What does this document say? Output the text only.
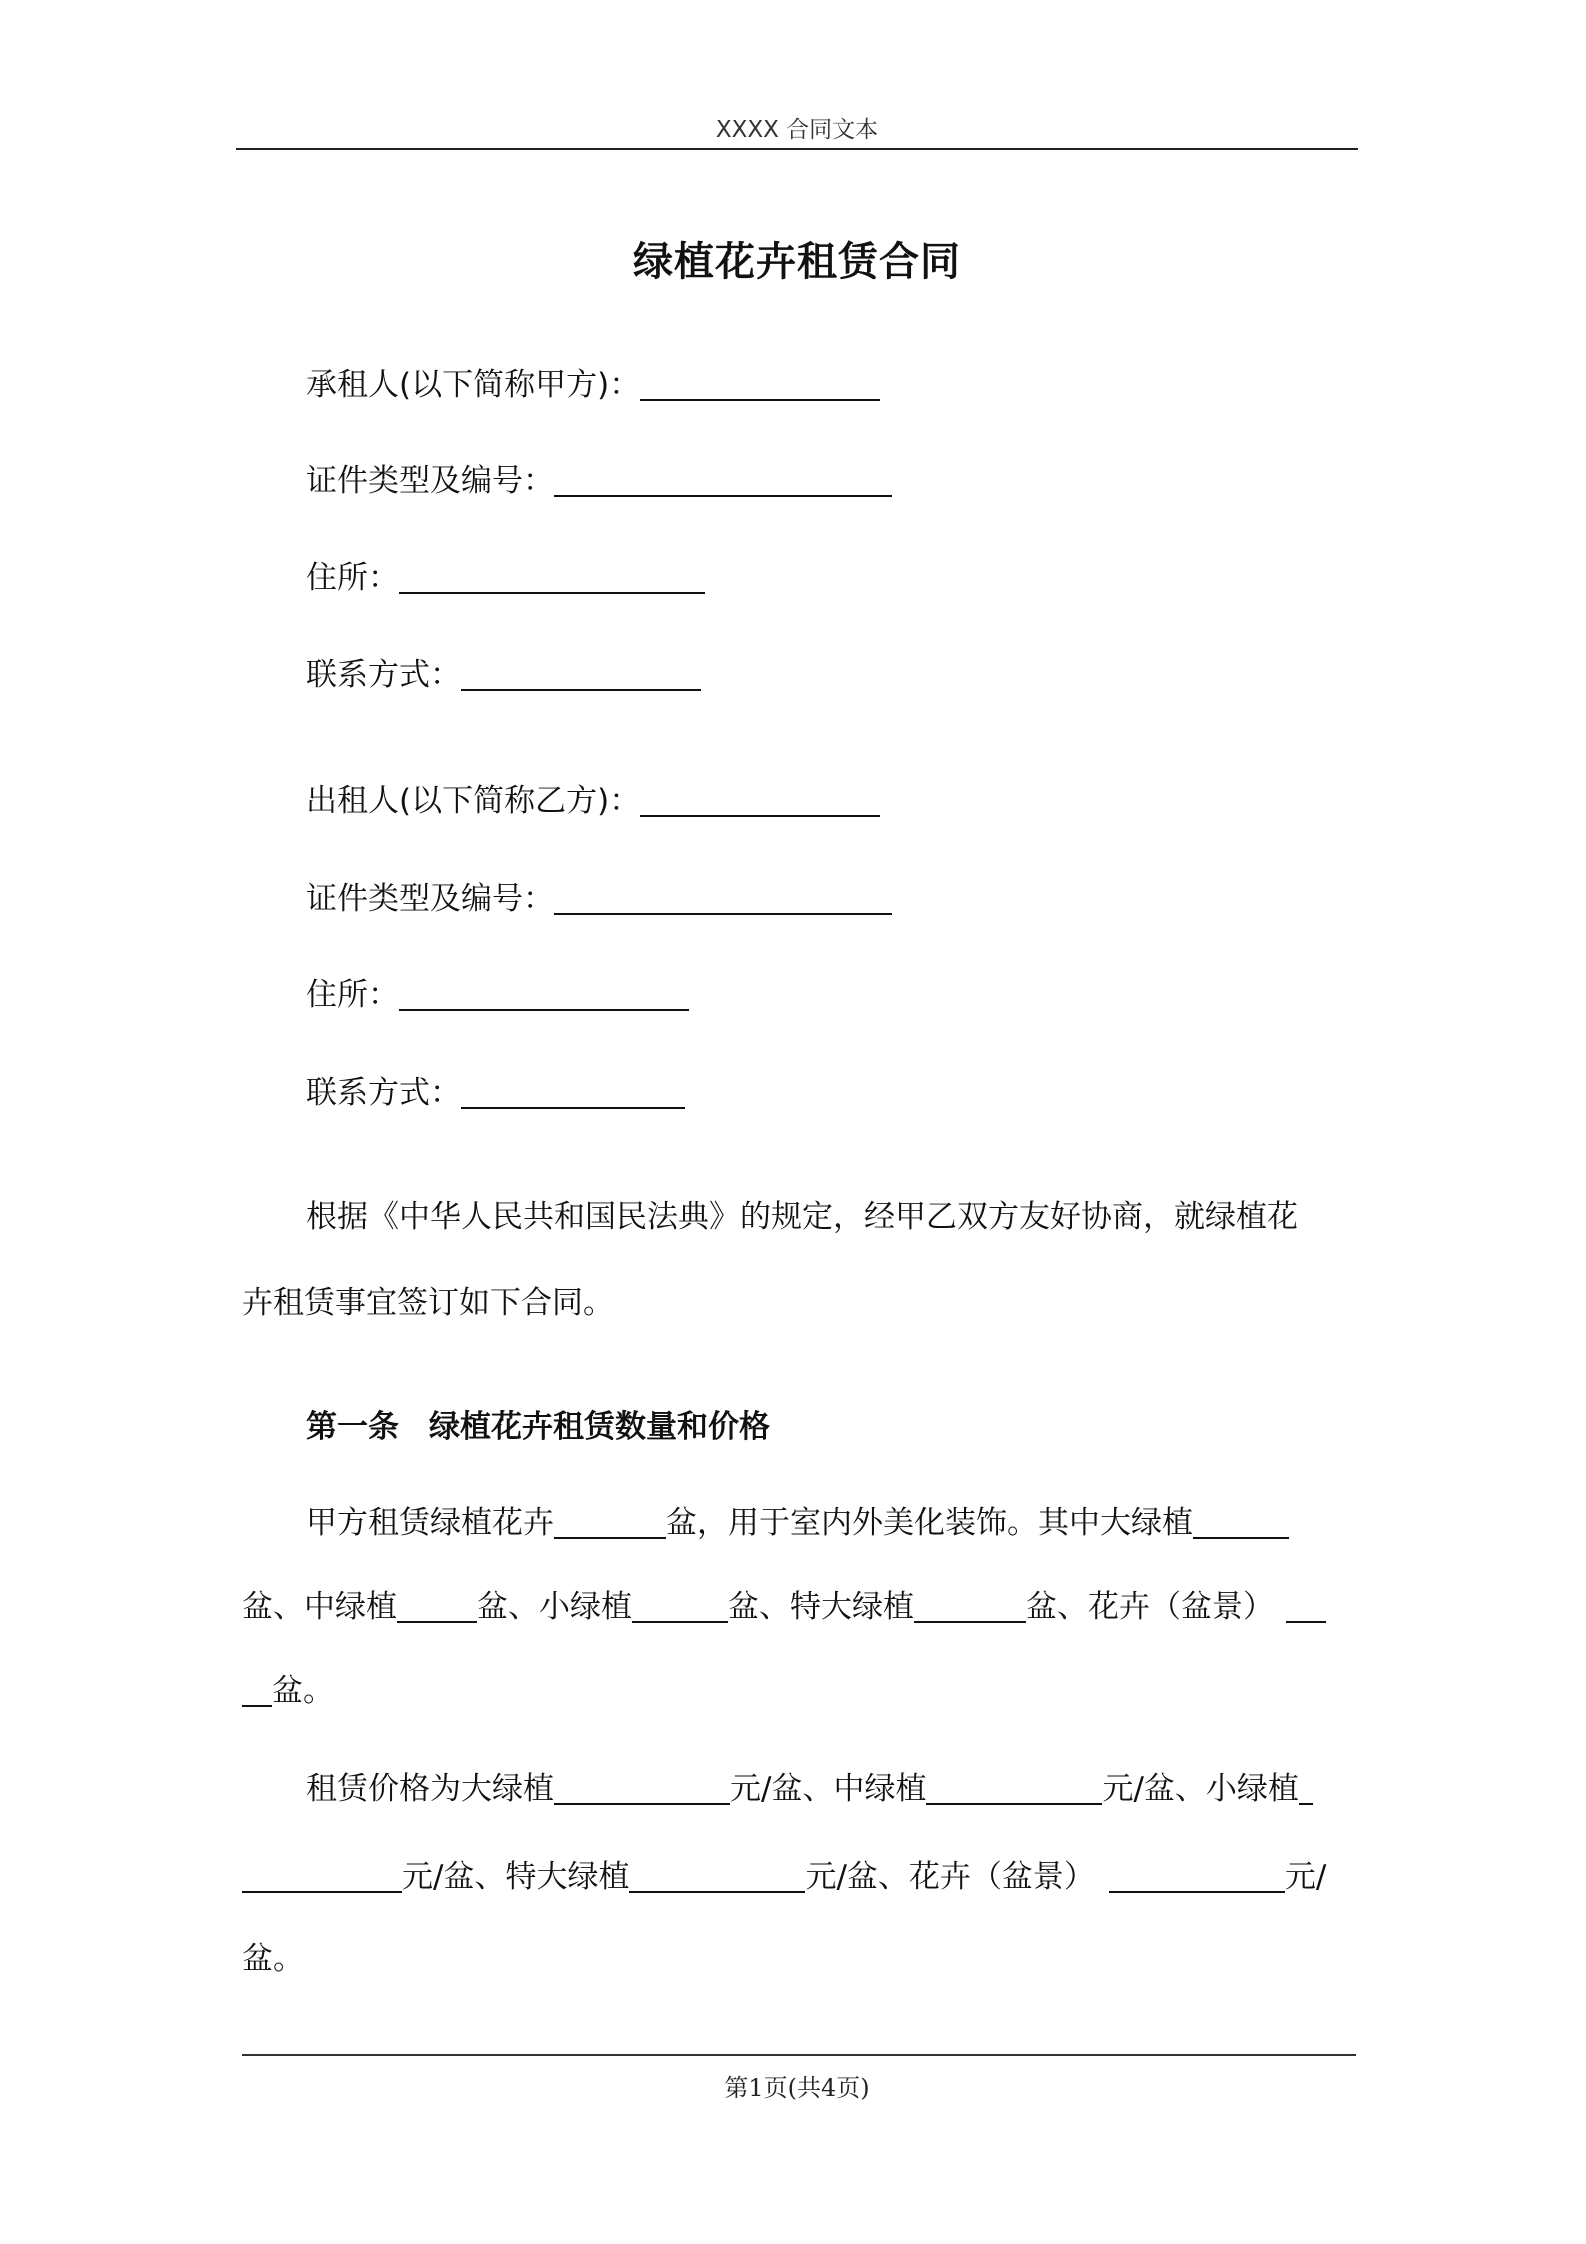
XXXX 合同文本
绿植花卉租赁合同
承租人(以下简称甲方)：
证件类型及编号：
住所：
联系方式：
出租人(以下简称乙方)：
证件类型及编号：
住所：
联系方式：
根据《中华人民共和国民法典》的规定，经甲乙双方友好协商，就绿植花
卉租赁事宜签订如下合同。
第一条 绿植花卉租赁数量和价格
甲方租赁绿植花卉	盆，用于室内外美化装饰。其中大绿植
盆、中绿植	盆、小绿植	盆、特大绿植	盆、花卉（盆景）
盆。
租赁价格为大绿植	元/盆、中绿植	元/盆、小绿植
元/盆、特大绿植	元/盆、花卉（盆景）	元/
盆。
第1页(共4页)
